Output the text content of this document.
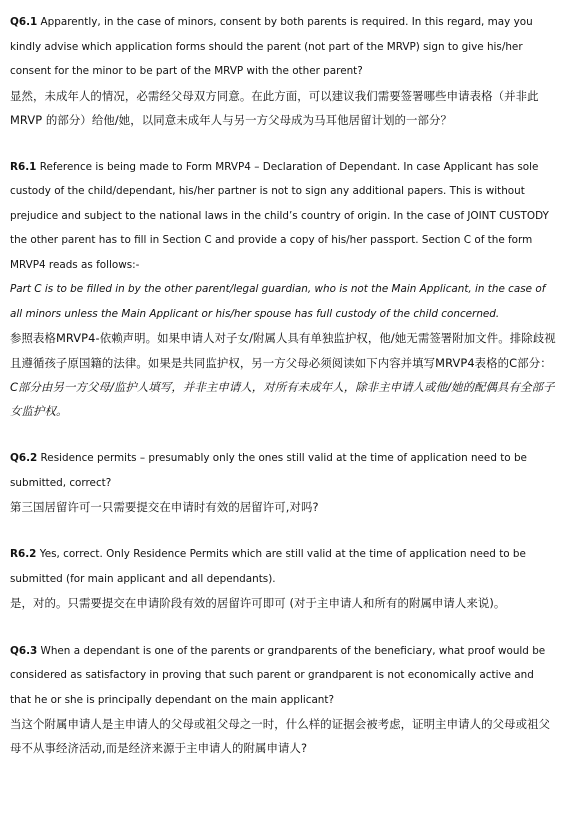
Q6.1 Apparently, in the case of minors, consent by both parents is required. In this regard, may you kindly advise which application forms should the parent (not part of the MRVP) sign to give his/her consent for the minor to be part of the MRVP with the other parent?

显然，未成年人的情况，必需经父母双方同意。在此方面，可以建议我们需要签署哪些申请表格（并非此 MRVP 的部分）给他/她，以同意未成年人与另一方父母成为马耳他居留计划的一部分？

R6.1 Reference is being made to Form MRVP4 – Declaration of Dependant. In case Applicant has sole custody of the child/dependant, his/her partner is not to sign any additional papers. This is without prejudice and subject to the national laws in the child’s country of origin. In the case of JOINT CUSTODY the other parent has to fill in Section C and provide a copy of his/her passport. Section C of the form MRVP4 reads as follows:-

Part C is to be filled in by the other parent/legal guardian, who is not the Main Applicant, in the case of all minors unless the Main Applicant or his/her spouse has full custody of the child concerned.

参照表格MRVP4-依赖声明。如果申请人对子女/附属人具有单独监护权，他/她无需签署附加文件。排除歧视且遵循孩子原国籍的法律。如果是共同监护权，另一方父母必须阅读如下内容并填写MRVP4表格的C部分：

C部分由另一方父母/监护人填写，并非主申请人，对所有未成年人，除非主申请人或他/她的配偶具有全部子女监护权。

Q6.2 Residence permits – presumably only the ones still valid at the time of application need to be submitted, correct?

第三国居留许可一只需要提交在申请时有效的居留许可,对吗?

R6.2 Yes, correct. Only Residence Permits which are still valid at the time of application need to be submitted (for main applicant and all dependants).

是，对的。只需要提交在申请阶段有效的居留许可即可 (对于主申请人和所有的附属申请人来说)。

Q6.3 When a dependant is one of the parents or grandparents of the beneficiary, what proof would be considered as satisfactory in proving that such parent or grandparent is not economically active and that he or she is principally dependant on the main applicant?

当这个附属申请人是主申请人的父母或祖父母之一时，什么样的证据会被考虑，证明主申请人的父母或祖父母不从事经济活动,而是经济来源于主申请人的附属申请人?
